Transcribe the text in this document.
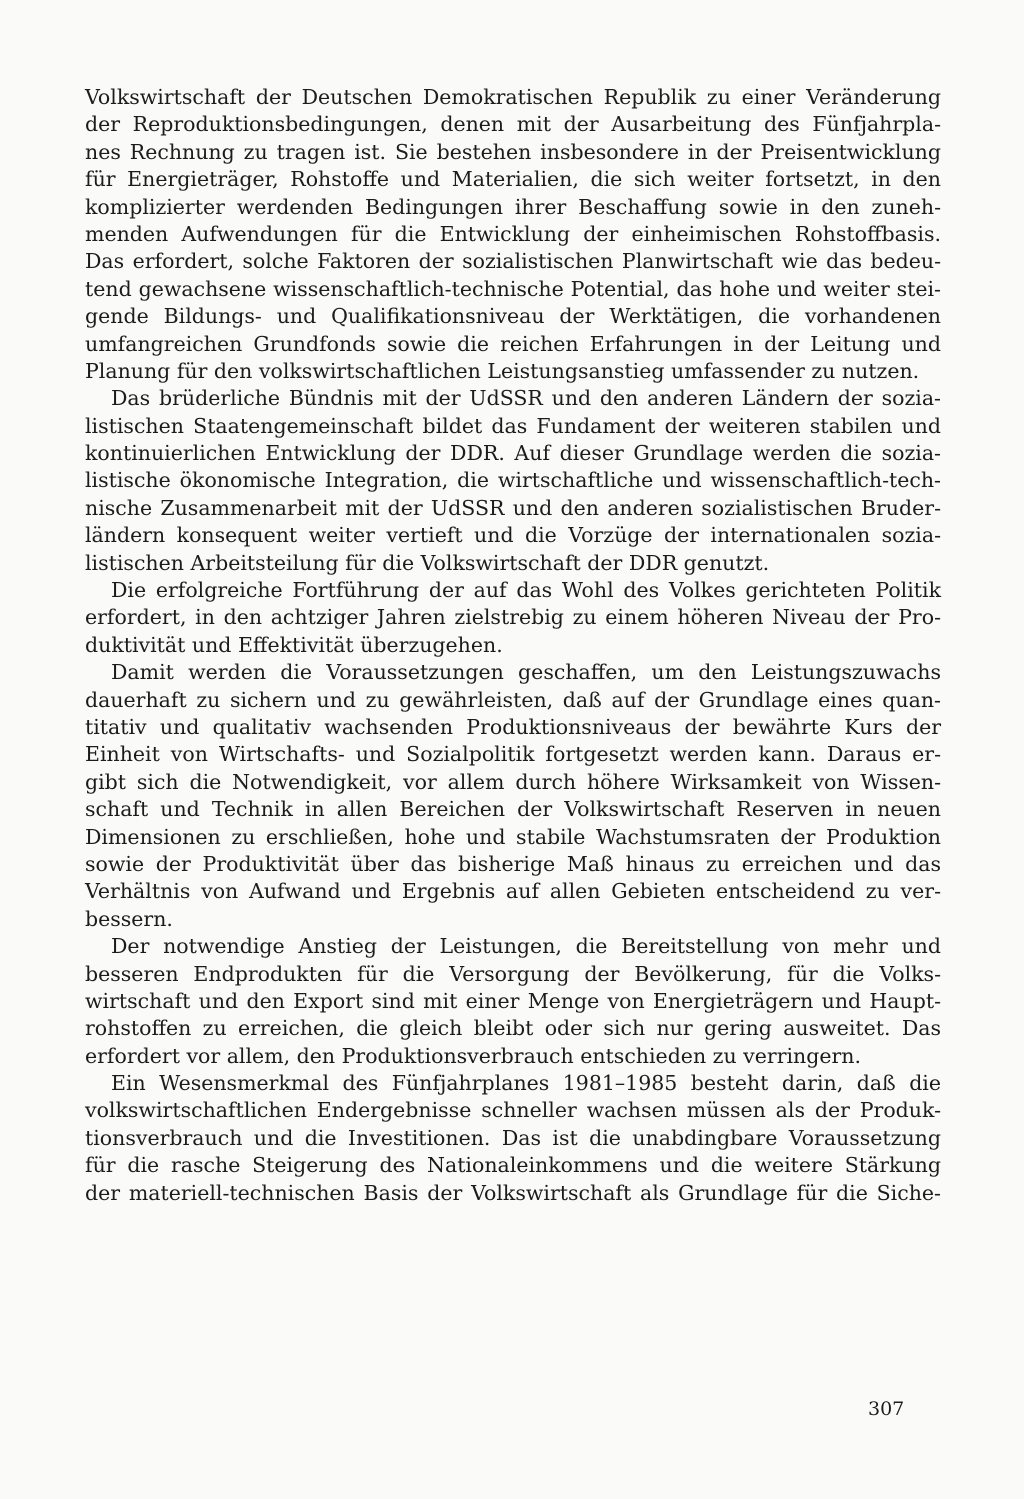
Volkswirtschaft der Deutschen Demokratischen Republik zu einer Veränderung
der Reproduktionsbedingungen, denen mit der Ausarbeitung des Fünfjahrpla-
nes Rechnung zu tragen ist. Sie bestehen insbesondere in der Preisentwicklung
für Energieträger, Rohstoffe und Materialien, die sich weiter fortsetzt, in den
komplizierter werdenden Bedingungen ihrer Beschaffung sowie in den zuneh-
menden Aufwendungen für die Entwicklung der einheimischen Rohstoffbasis.
Das erfordert, solche Faktoren der sozialistischen Planwirtschaft wie das bedeu-
tend gewachsene wissenschaftlich-technische Potential, das hohe und weiter stei-
gende Bildungs- und Qualifikationsniveau der Werktätigen, die vorhandenen
umfangreichen Grundfonds sowie die reichen Erfahrungen in der Leitung und
Planung für den volkswirtschaftlichen Leistungsanstieg umfassender zu nutzen.
Das brüderliche Bündnis mit der UdSSR und den anderen Ländern der sozia-
listischen Staatengemeinschaft bildet das Fundament der weiteren stabilen und
kontinuierlichen Entwicklung der DDR. Auf dieser Grundlage werden die sozia-
listische ökonomische Integration, die wirtschaftliche und wissenschaftlich-tech-
nische Zusammenarbeit mit der UdSSR und den anderen sozialistischen Bruder-
ländern konsequent weiter vertieft und die Vorzüge der internationalen sozia-
listischen Arbeitsteilung für die Volkswirtschaft der DDR genutzt.
Die erfolgreiche Fortführung der auf das Wohl des Volkes gerichteten Politik
erfordert, in den achtziger Jahren zielstrebig zu einem höheren Niveau der Pro-
duktivität und Effektivität überzugehen.
Damit werden die Voraussetzungen geschaffen, um den Leistungszuwachs
dauerhaft zu sichern und zu gewährleisten, daß auf der Grundlage eines quan-
titativ und qualitativ wachsenden Produktionsniveaus der bewährte Kurs der
Einheit von Wirtschafts- und Sozialpolitik fortgesetzt werden kann. Daraus er-
gibt sich die Notwendigkeit, vor allem durch höhere Wirksamkeit von Wissen-
schaft und Technik in allen Bereichen der Volkswirtschaft Reserven in neuen
Dimensionen zu erschließen, hohe und stabile Wachstumsraten der Produktion
sowie der Produktivität über das bisherige Maß hinaus zu erreichen und das
Verhältnis von Aufwand und Ergebnis auf allen Gebieten entscheidend zu ver-
bessern.
Der notwendige Anstieg der Leistungen, die Bereitstellung von mehr und
besseren Endprodukten für die Versorgung der Bevölkerung, für die Volks-
wirtschaft und den Export sind mit einer Menge von Energieträgern und Haupt-
rohstoffen zu erreichen, die gleich bleibt oder sich nur gering ausweitet. Das
erfordert vor allem, den Produktionsverbrauch entschieden zu verringern.
Ein Wesensmerkmal des Fünfjahrplanes 1981–1985 besteht darin, daß die
volkswirtschaftlichen Endergebnisse schneller wachsen müssen als der Produk-
tionsverbrauch und die Investitionen. Das ist die unabdingbare Voraussetzung
für die rasche Steigerung des Nationaleinkommens und die weitere Stärkung
der materiell-technischen Basis der Volkswirtschaft als Grundlage für die Siche-
307
